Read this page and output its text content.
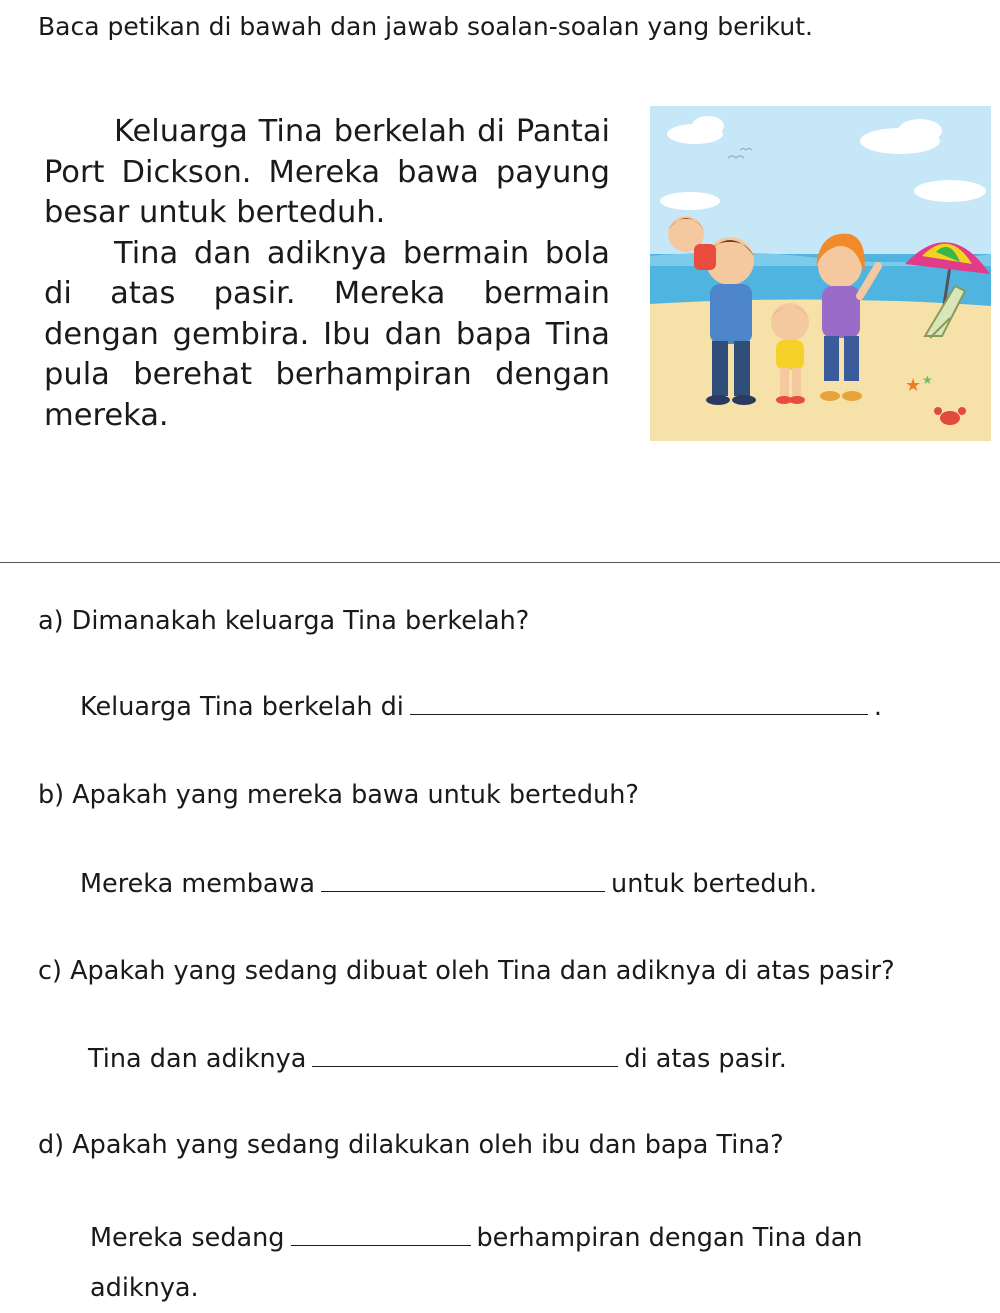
Baca petikan di bawah dan jawab soalan-soalan yang berikut.

Keluarga Tina berkelah di Pantai Port Dickson. Mereka bawa payung besar untuk berteduh.

Tina dan adiknya bermain bola di atas pasir. Mereka bermain dengan gembira. Ibu dan bapa Tina pula berehat berhampiran dengan mereka.

★ ★
a) Dimanakah keluarga Tina berkelah?
Keluarga Tina berkelah di	.
b) Apakah yang mereka bawa untuk berteduh?
Mereka membawa	untuk berteduh.
c) Apakah yang sedang dibuat oleh Tina dan adiknya di atas pasir?
Tina dan adiknya	di atas pasir.
d) Apakah yang sedang dilakukan oleh ibu dan bapa Tina?
Mereka sedang	berhampiran dengan Tina dan adiknya.
